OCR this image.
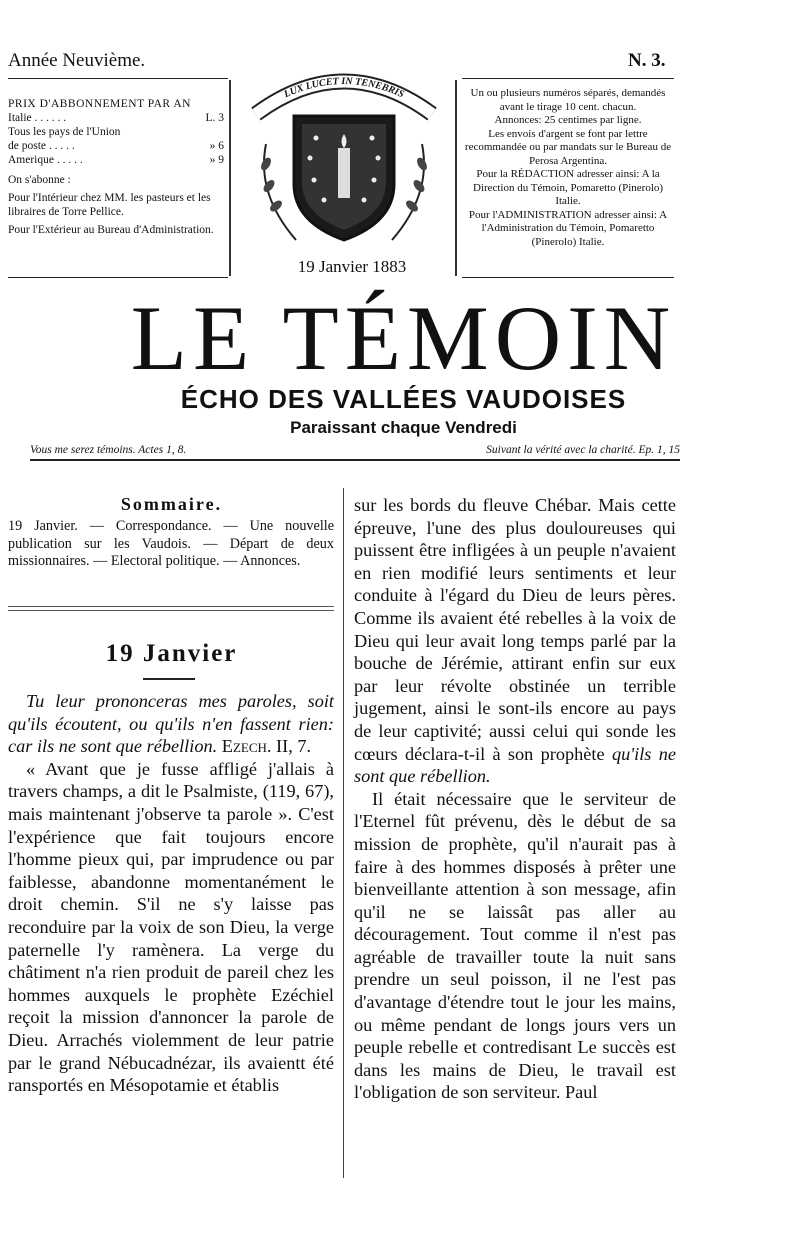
Année Neuvième.	N. 3.
PRIX D'ABBONNEMENT PAR AN
Italie . . . . . .	L. 3
Tous les pays de l'Union
de poste . . . . .	» 6
Amerique . . . . .	» 9
On s'abonne :
Pour l'Intérieur chez MM. les pasteurs et les libraires de Torre Pellice.
Pour l'Extérieur au Bureau d'Administration.
LUX LUCET IN TENEBRIS
19 Janvier 1883
Un ou plusieurs numéros séparés, demandés avant le tirage 10 cent. chacun.
Annonces: 25 centimes par ligne.
Les envois d'argent se font par lettre recommandée ou par mandats sur le Bureau de Perosa Argentina.
Pour la RÉDACTION adresser ainsi: A la Direction du Témoin, Pomaretto (Pinerolo) Italie.
Pour l'ADMINISTRATION adresser ainsi: A l'Administration du Témoin, Pomaretto (Pinerolo) Italie.
LE TÉMOIN
ÉCHO DES VALLÉES VAUDOISES
Paraissant chaque Vendredi
Vous me serez témoins. Actes 1, 8.	Suivant la vérité avec la charité. Ep. 1, 15
Sommaire.
19 Janvier. — Correspondance. — Une nouvelle publication sur les Vaudois. — Départ de deux missionnaires. — Electoral politique. — Annonces.
19 Janvier

Tu leur prononceras mes paroles, soit qu'ils écoutent, ou qu'ils n'en fassent rien: car ils ne sont que rébellion. Ezech. II, 7.

« Avant que je fusse affligé j'allais à travers champs, a dit le Psalmiste, (119, 67), mais maintenant j'observe ta parole ». C'est l'expérience que fait toujours encore l'homme pieux qui, par imprudence ou par faiblesse, abandonne momentanément le droit chemin. S'il ne s'y laisse pas reconduire par la voix de son Dieu, la verge paternelle l'y ramènera. La verge du châtiment n'a rien produit de pareil chez les hommes auxquels le prophète Ezéchiel reçoit la mission d'annoncer la parole de Dieu. Arrachés violemment de leur patrie par le grand Nébucadnézar, ils avaientt été ransportés en Mésopotamie et établis

sur les bords du fleuve Chébar. Mais cette épreuve, l'une des plus douloureuses qui puissent être infligées à un peuple n'avaient en rien modifié leurs sentiments et leur conduite à l'égard du Dieu de leurs pères. Comme ils avaient été rebelles à la voix de Dieu qui leur avait long temps parlé par la bouche de Jérémie, attirant enfin sur eux par leur révolte obstinée un terrible jugement, ainsi le sont-ils encore au pays de leur captivité; aussi celui qui sonde les cœurs déclara-t-il à son prophète qu'ils ne sont que rébellion.

Il était nécessaire que le serviteur de l'Eternel fût prévenu, dès le début de sa mission de prophète, qu'il n'aurait pas à faire à des hommes disposés à prêter une bienveillante attention à son message, afin qu'il ne se laissât pas aller au découragement. Tout comme il n'est pas agréable de travailler toute la nuit sans prendre un seul poisson, il ne l'est pas d'avantage d'étendre tout le jour les mains, ou même pendant de longs jours vers un peuple rebelle et contredisant Le succès est dans les mains de Dieu, le travail est l'obligation de son serviteur. Paul
